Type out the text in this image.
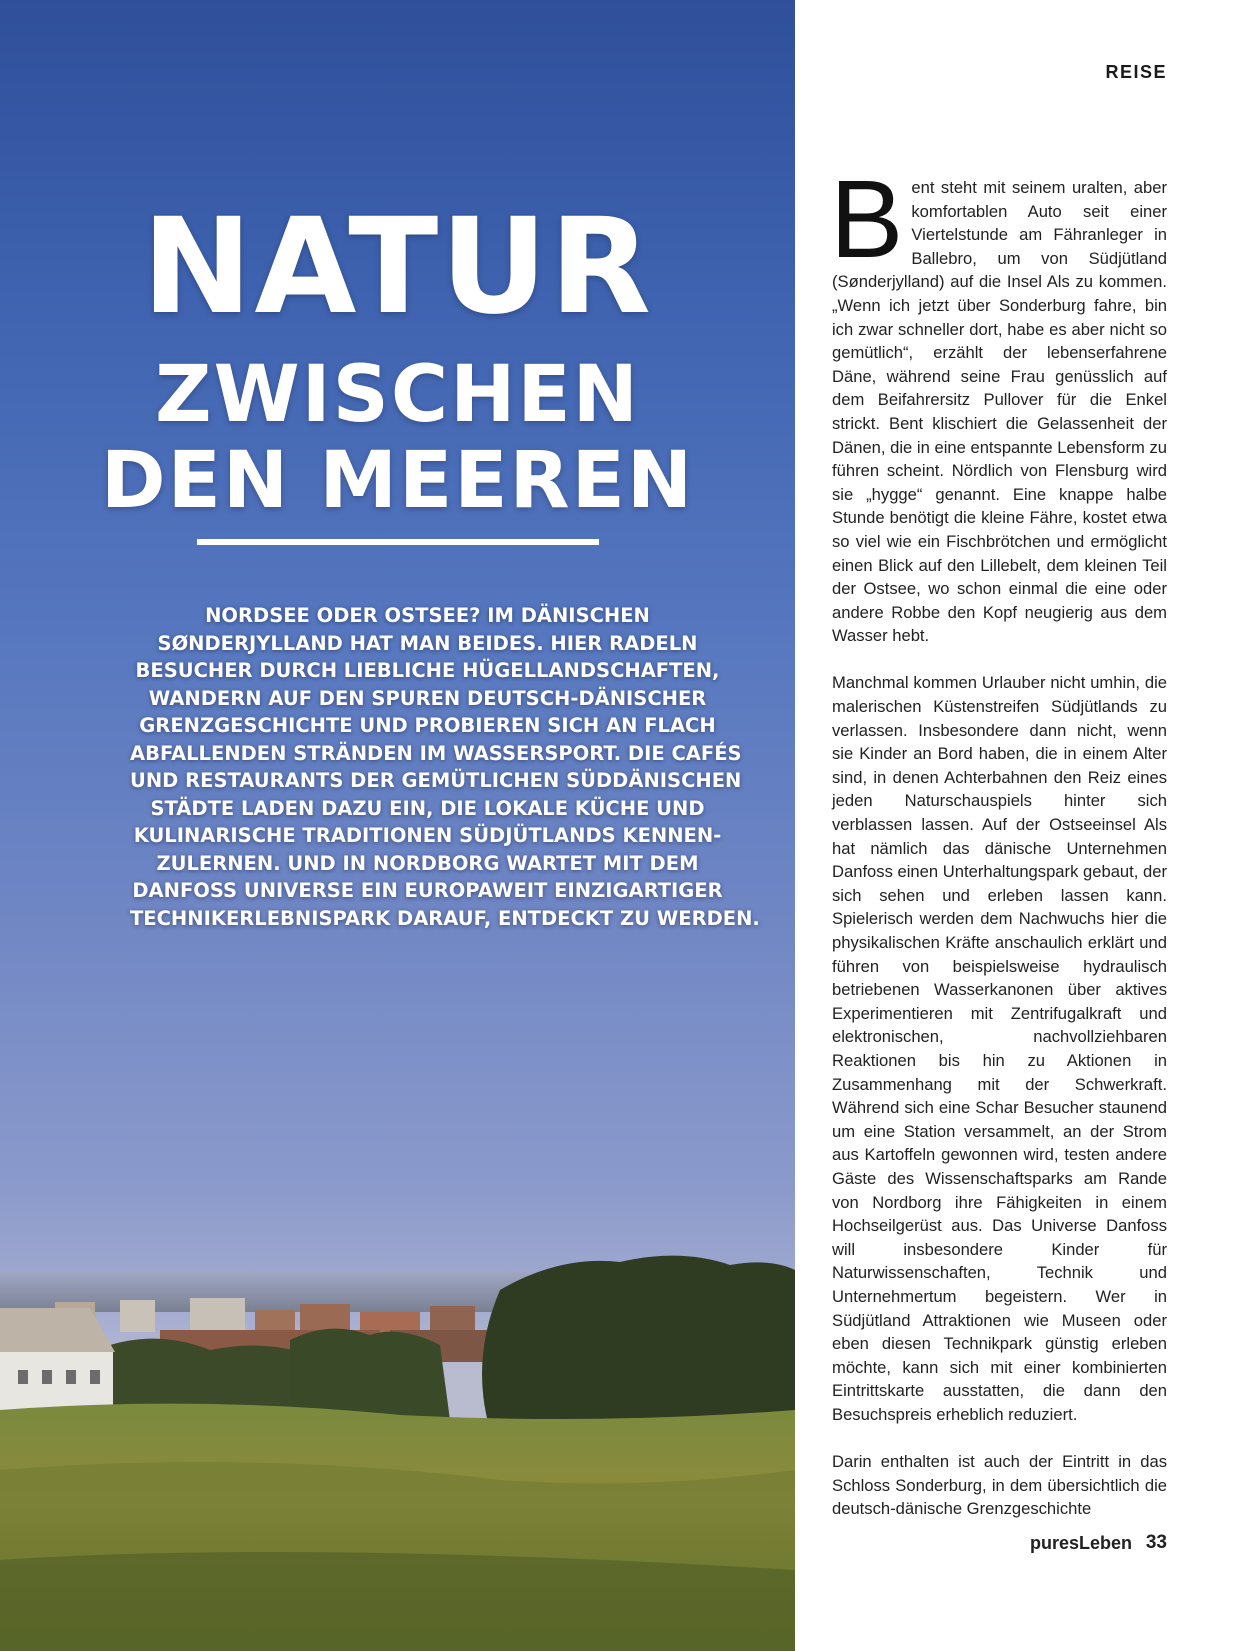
NATUR
ZWISCHEN
DEN MEEREN
NORDSEE ODER OSTSEE? IM DÄNISCHEN
SØNDERJYLLAND HAT MAN BEIDES. HIER RADELN
BESUCHER DURCH LIEBLICHE HÜGELLANDSCHAFTEN,
WANDERN AUF DEN SPUREN DEUTSCH-DÄNISCHER
GRENZGESCHICHTE UND PROBIEREN SICH AN FLACH
ABFALLENDEN STRÄNDEN IM WASSERSPORT. DIE CAFÉS
UND RESTAURANTS DER GEMÜTLICHEN SÜDDÄNISCHEN
STÄDTE LADEN DAZU EIN, DIE LOKALE KÜCHE UND
KULINARISCHE TRADITIONEN SÜDJÜTLANDS KENNEN-
ZULERNEN. UND IN NORDBORG WARTET MIT DEM
DANFOSS UNIVERSE EIN EUROPAWEIT EINZIGARTIGER
TECHNIKERLEBNISPARK DARAUF, ENTDECKT ZU WERDEN.
REISE

Bent steht mit seinem uralten, aber komfortablen Auto seit einer Viertelstunde am Fähranleger in Ballebro, um von Südjütland (Sønderjylland) auf die Insel Als zu kommen. „Wenn ich jetzt über Sonderburg fahre, bin ich zwar schneller dort, habe es aber nicht so gemütlich“, erzählt der lebenserfahrene Däne, während seine Frau genüsslich auf dem Beifahrersitz Pullover für die Enkel strickt. Bent klischiert die Gelassenheit der Dänen, die in eine entspannte Lebensform zu führen scheint. Nördlich von Flensburg wird sie „hygge“ genannt. Eine knappe halbe Stunde benötigt die kleine Fähre, kostet etwa so viel wie ein Fischbrötchen und ermöglicht einen Blick auf den Lillebelt, dem kleinen Teil der Ostsee, wo schon einmal die eine oder andere Robbe den Kopf neugierig aus dem Wasser hebt.

Manchmal kommen Urlauber nicht umhin, die malerischen Küstenstreifen Südjütlands zu verlassen. Insbesondere dann nicht, wenn sie Kinder an Bord haben, die in einem Alter sind, in denen Achterbahnen den Reiz eines jeden Naturschauspiels hinter sich verblassen lassen. Auf der Ostseeinsel Als hat nämlich das dänische Unternehmen Danfoss einen Unterhaltungspark gebaut, der sich sehen und erleben lassen kann. Spielerisch werden dem Nachwuchs hier die physikalischen Kräfte anschaulich erklärt und führen von beispielsweise hydraulisch betriebenen Wasserkanonen über aktives Experimentieren mit Zentrifugalkraft und elektronischen, nachvollziehbaren Reaktionen bis hin zu Aktionen in Zusammenhang mit der Schwerkraft. Während sich eine Schar Besucher staunend um eine Station versammelt, an der Strom aus Kartoffeln gewonnen wird, testen andere Gäste des Wissenschaftsparks am Rande von Nordborg ihre Fähigkeiten in einem Hochseilgerüst aus. Das Universe Danfoss will insbesondere Kinder für Naturwissenschaften, Technik und Unternehmertum begeistern. Wer in Südjütland Attraktionen wie Museen oder eben diesen Technikpark günstig erleben möchte, kann sich mit einer kombinierten Eintrittskarte ausstatten, die dann den Besuchspreis erheblich reduziert.

Darin enthalten ist auch der Eintritt in das Schloss Sonderburg, in dem übersichtlich die deutsch-dänische Grenzgeschichte

puresLeben 33
